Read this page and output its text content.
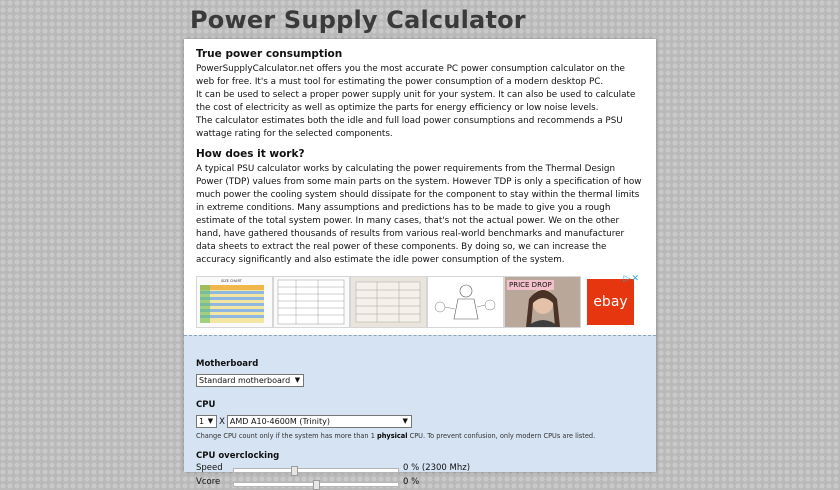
Power Supply Calculator
True power consumption

PowerSupplyCalculator.net offers you the most accurate PC power consumption calculator on the web for free. It's a must tool for estimating the power consumption of a modern desktop PC.

It can be used to select a proper power supply unit for your system. It can also be used to calculate the cost of electricity as well as optimize the parts for energy efficiency or low noise levels.

The calculator estimates both the idle and full load power consumptions and recommends a PSU wattage rating for the selected components.

How does it work?

A typical PSU calculator works by calculating the power requirements from the Thermal Design Power (TDP) values from some main parts on the system. However TDP is only a specification of how much power the cooling system should dissipate for the component to stay within the thermal limits in extreme conditions. Many assumptions and predictions has to be made to give you a rough estimate of the total system power. In many cases, that's not the actual power. We on the other hand, have gathered thousands of results from various real-world benchmarks and manufacturer data sheets to extract the real power of these components. By doing so, we can increase the accuracy significantly and also estimate the idle power consumption of the system.

SIZE CHART	PRICE DROP
ebay
▷✕
Motherboard
Standard motherboard ▼
CPU
1 ▼ X AMD A10-4600M (Trinity)	▼
Change CPU count only if the system has more than 1 physical CPU. To prevent confusion, only modern CPUs are listed.
CPU overclocking
Speed	0 % (2300 Mhz)
Vcore	0 %
